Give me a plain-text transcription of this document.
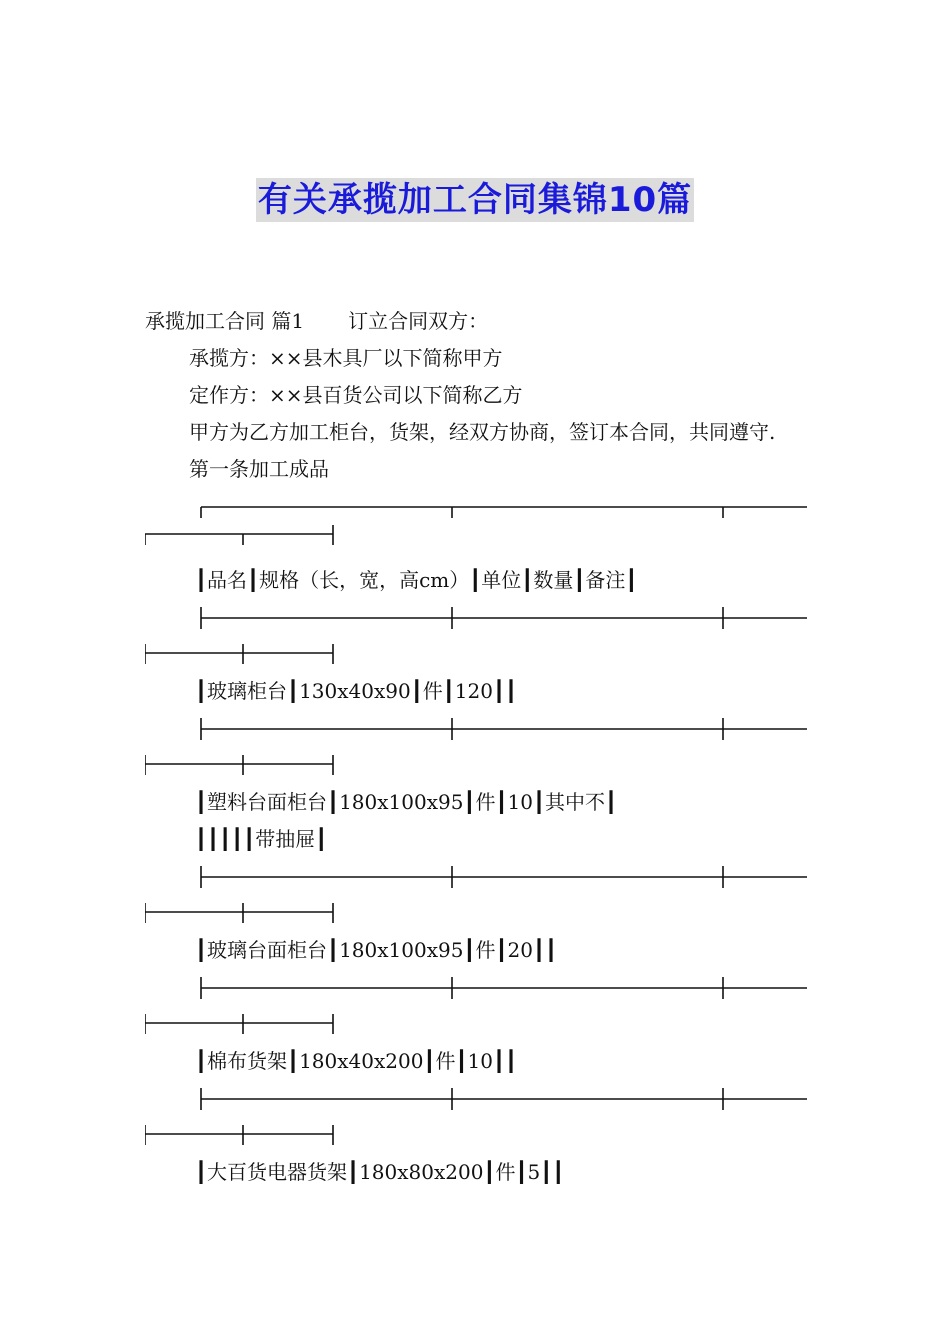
有关承揽加工合同集锦10篇

承揽加工合同 篇1 订立合同双方：

承揽方：××县木具厂以下简称甲方

定作方：××县百货公司以下简称乙方

甲方为乙方加工柜台，货架，经双方协商，签订本合同，共同遵守.

第一条加工成品

┃品名┃规格（长，宽，高cm）┃单位┃数量┃备注┃

┃玻璃柜台┃130x40x90┃件┃120┃┃

┃塑料台面柜台┃180x100x95┃件┃10┃其中不┃

┃┃┃┃┃带抽屉┃

┃玻璃台面柜台┃180x100x95┃件┃20┃┃

┃棉布货架┃180x40x200┃件┃10┃┃

┃大百货电器货架┃180x80x200┃件┃5┃┃
